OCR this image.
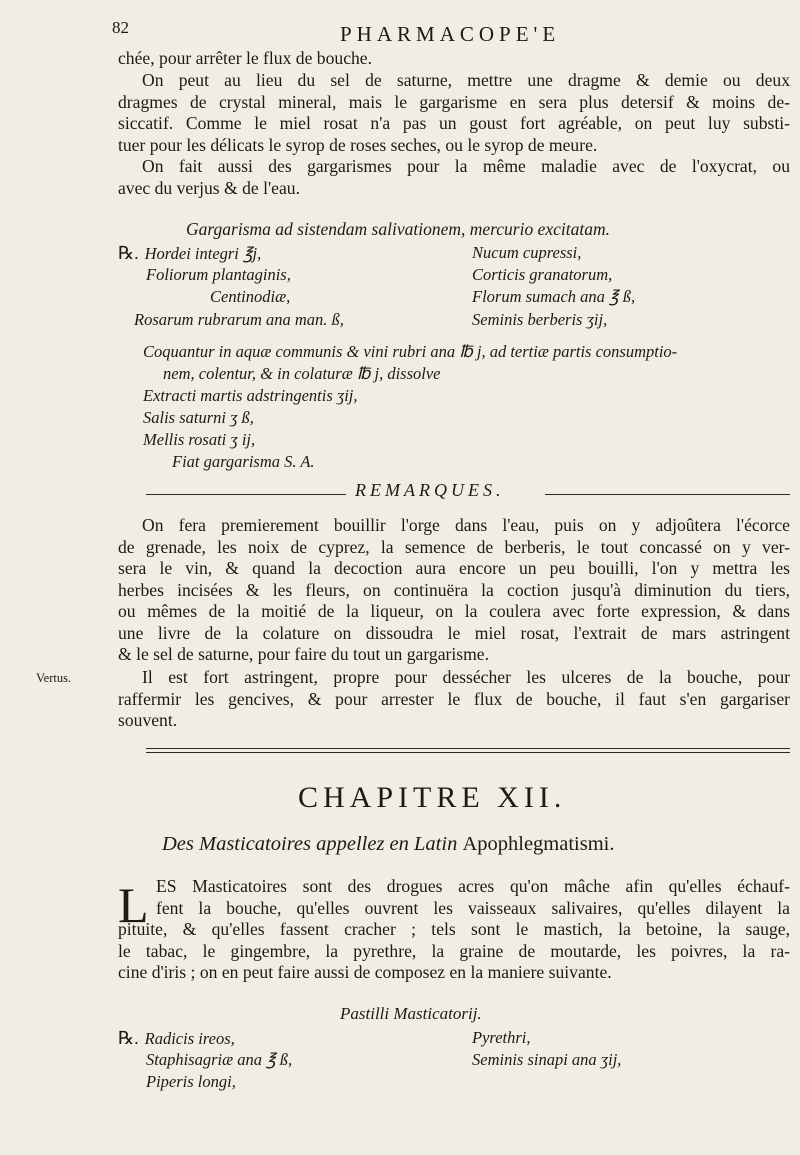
82	PHARMACOPE'E
chée, pour arrêter le flux de bouche.
On peut au lieu du sel de saturne, mettre une dragme & demie ou deux
dragmes de crystal mineral, mais le gargarisme en sera plus detersif & moins de-
siccatif. Comme le miel rosat n'a pas un goust fort agréable, on peut luy substi-
tuer pour les délicats le syrop de roses seches, ou le syrop de meure.
On fait aussi des gargarismes pour la même maladie avec de l'oxycrat, ou
avec du verjus & de l'eau.
Gargarisma ad sistendam salivationem, mercurio excitatam.
℞. Hordei integri ℥j,
Foliorum plantaginis,
Centinodiæ,
Rosarum rubrarum ana man. ß,
Nucum cupressi,
Corticis granatorum,
Florum sumach ana ℥ ß,
Seminis berberis ʒij,
Coquantur in aquæ communis & vini rubri ana ℔ j, ad tertiæ partis consumptio-
nem, colentur, & in colaturæ ℔ j, dissolve
Extracti martis adstringentis ʒij,
Salis saturni ʒ ß,
Mellis rosati ʒ ij,
Fiat gargarisma S. A.
REMARQUES.
On fera premierement bouillir l'orge dans l'eau, puis on y adjoûtera l'écorce
de grenade, les noix de cyprez, la semence de berberis, le tout concassé on y ver-
sera le vin, & quand la decoction aura encore un peu bouilli, l'on y mettra les
herbes incisées & les fleurs, on continuëra la coction jusqu'à diminution du tiers,
ou mêmes de la moitié de la liqueur, on la coulera avec forte expression, & dans
une livre de la colature on dissoudra le miel rosat, l'extrait de mars astringent
& le sel de saturne, pour faire du tout un gargarisme.
Vertus.	Il est fort astringent, propre pour dessécher les ulceres de la bouche, pour
raffermir les gencives, & pour arrester le flux de bouche, il faut s'en gargariser
souvent.
CHAPITRE XII.
Des Masticatoires appellez en Latin Apophlegmatismi.
L ES Masticatoires sont des drogues acres qu'on mâche afin qu'elles échauf-
fent la bouche, qu'elles ouvrent les vaisseaux salivaires, qu'elles dilayent la
pituite, & qu'elles fassent cracher ; tels sont le mastich, la betoine, la sauge,
le tabac, le gingembre, la pyrethre, la graine de moutarde, les poivres, la ra-
cine d'iris ; on en peut faire aussi de composez en la maniere suivante.
Pastilli Masticatorij.
℞. Radicis ireos,
Staphisagriæ ana ℥ ß,
Piperis longi,
Pyrethri,
Seminis sinapi ana ʒij,
